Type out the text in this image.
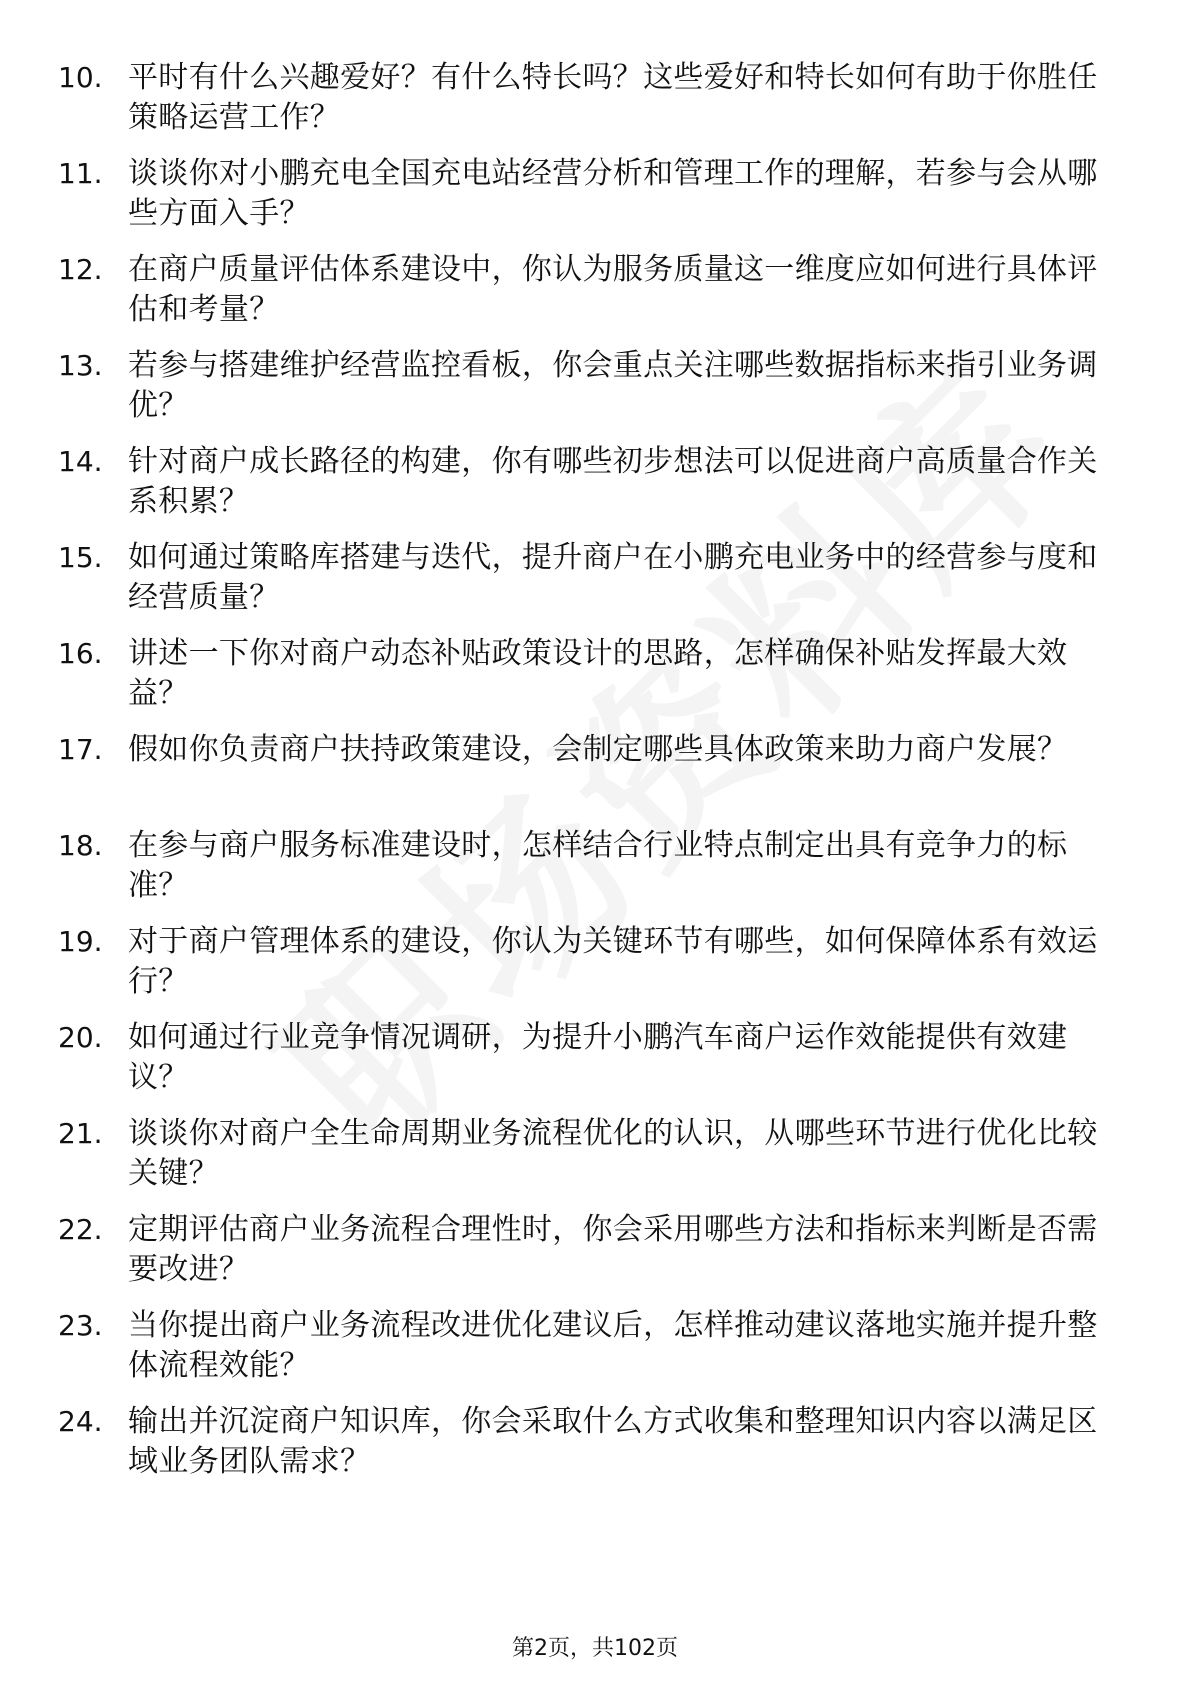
10. 平时有什么兴趣爱好？有什么特长吗？这些爱好和特长如何有助于你胜任策略运营工作？
11. 谈谈你对小鹏充电全国充电站经营分析和管理工作的理解，若参与会从哪些方面入手？
12. 在商户质量评估体系建设中，你认为服务质量这一维度应如何进行具体评估和考量？
13. 若参与搭建维护经营监控看板，你会重点关注哪些数据指标来指引业务调优？
14. 针对商户成长路径的构建，你有哪些初步想法可以促进商户高质量合作关系积累？
15. 如何通过策略库搭建与迭代，提升商户在小鹏充电业务中的经营参与度和经营质量？
16. 讲述一下你对商户动态补贴政策设计的思路，怎样确保补贴发挥最大效益？
17. 假如你负责商户扶持政策建设，会制定哪些具体政策来助力商户发展？
18. 在参与商户服务标准建设时，怎样结合行业特点制定出具有竞争力的标准？
19. 对于商户管理体系的建设，你认为关键环节有哪些，如何保障体系有效运行？
20. 如何通过行业竞争情况调研，为提升小鹏汽车商户运作效能提供有效建议？
21. 谈谈你对商户全生命周期业务流程优化的认识，从哪些环节进行优化比较关键？
22. 定期评估商户业务流程合理性时，你会采用哪些方法和指标来判断是否需要改进？
23. 当你提出商户业务流程改进优化建议后，怎样推动建议落地实施并提升整体流程效能？
24. 输出并沉淀商户知识库，你会采取什么方式收集和整理知识内容以满足区域业务团队需求？
第2页，共102页
